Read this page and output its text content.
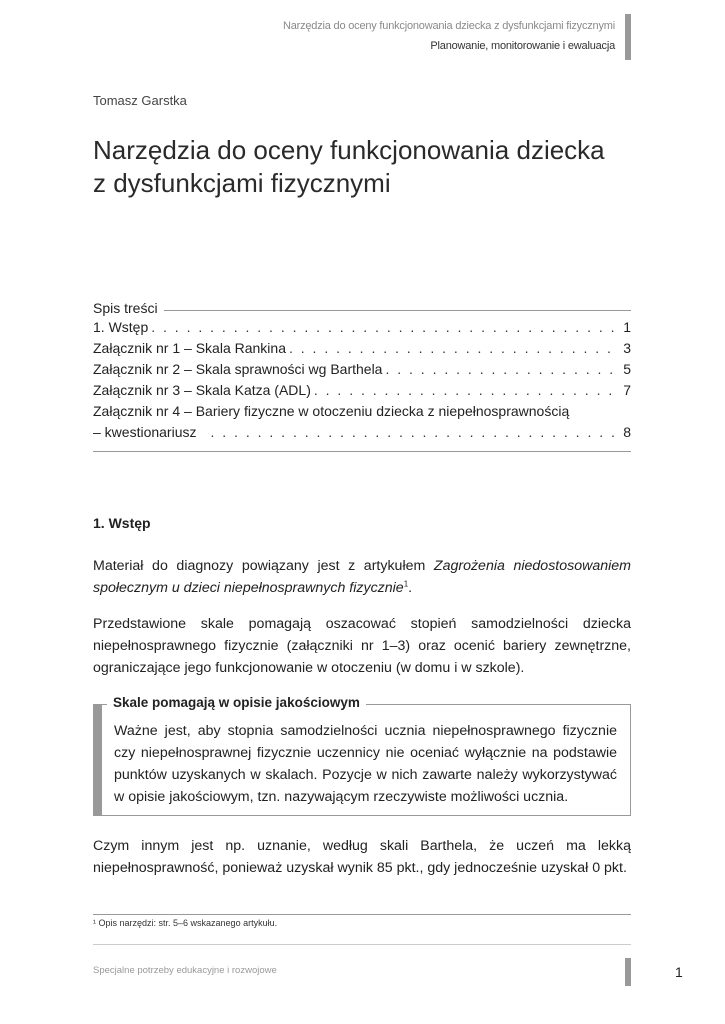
Narzędzia do oceny funkcjonowania dziecka z dysfunkcjami fizycznymi
Planowanie, monitorowanie i ewaluacja
Tomasz Garstka
Narzędzia do oceny funkcjonowania dziecka
z dysfunkcjami fizycznymi
Spis treści
1. Wstęp . . .	1
Załącznik nr 1 – Skala Rankina . . .	3
Załącznik nr 2 – Skala sprawności wg Barthela . . .	5
Załącznik nr 3 – Skala Katza (ADL) . . .	7
Załącznik nr 4 – Bariery fizyczne w otoczeniu dziecka z niepełnosprawnością
– kwestionariusz . . .	8
1. Wstęp

Materiał do diagnozy powiązany jest z artykułem Zagrożenia niedostosowaniem społecznym u dzieci niepełnosprawnych fizycznie$^1$.

Przedstawione skale pomagają oszacować stopień samodzielności dziecka niepełnosprawnego fizycznie (załączniki nr 1–3) oraz ocenić bariery zewnętrzne, ograniczające jego funkcjonowanie w otoczeniu (w domu i w szkole).

Skale pomagają w opisie jakościowym

Ważne jest, aby stopnia samodzielności ucznia niepełnosprawnego fizycznie czy niepełnosprawnej fizycznie uczennicy nie oceniać wyłącznie na podstawie punktów uzyskanych w skalach. Pozycje w nich zawarte należy wykorzystywać w opisie jakościowym, tzn. nazywającym rzeczywiste możliwości ucznia.

Czym innym jest np. uznanie, według skali Barthela, że uczeń ma lekką niepełnosprawność, ponieważ uzyskał wynik 85 pkt., gdy jednocześnie uzyskał 0 pkt.

¹ Opis narzędzi: str. 5–6 wskazanego artykułu.
Specjalne potrzeby edukacyjne i rozwojowe	1
